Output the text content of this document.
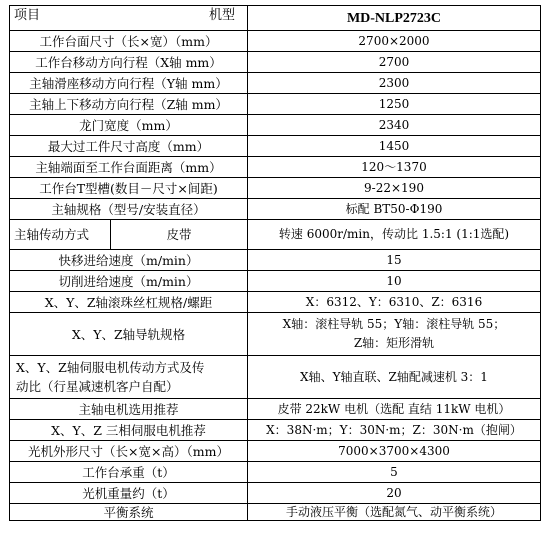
项目 机型		MD-NLP2723C
工作台面尺寸（长×宽）（mm）		2700×2000
工作台移动方向行程（X轴 mm）		2700
主轴滑座移动方向行程（Y轴 mm）		2300
主轴上下移动方向行程（Z轴 mm）		1250
龙门宽度（mm）		2340
最大过工件尺寸高度（mm）		1450
主轴端面至工作台面距离（mm）		120～1370
工作台T型槽(数目－尺寸×间距)		9-22×190
主轴规格（型号/安装直径）		标配 BT50-Φ190
主轴传动方式	皮带	转速 6000r/min，传动比 1.5:1 (1:1选配)
快移进给速度（m/min）		15
切削进给速度（m/min）		10
X、Y、Z轴滚珠丝杠规格/螺距		X：6312、Y：6310、Z：6316
X、Y、Z轴导轨规格		X轴：滚柱导轨 55；Y轴：滚柱导轨 55；
Z轴：矩形滑轨

X、Y、Z轴伺服电机传动方式及传
动比（行星减速机客户自配）		X轴、Y轴直联、Z轴配减速机 3：1
主轴电机选用推荐		皮带 22kW 电机（选配 直结 11kW 电机）
X、Y、Z 三相伺服电机推荐		X：38N·m；Y：30N·m；Z：30N·m（抱闸）
光机外形尺寸（长×宽×高）（mm）		7000×3700×4300
工作台承重（t）		5
光机重量约（t）		20
平衡系统		手动液压平衡（选配氮气、动平衡系统）
